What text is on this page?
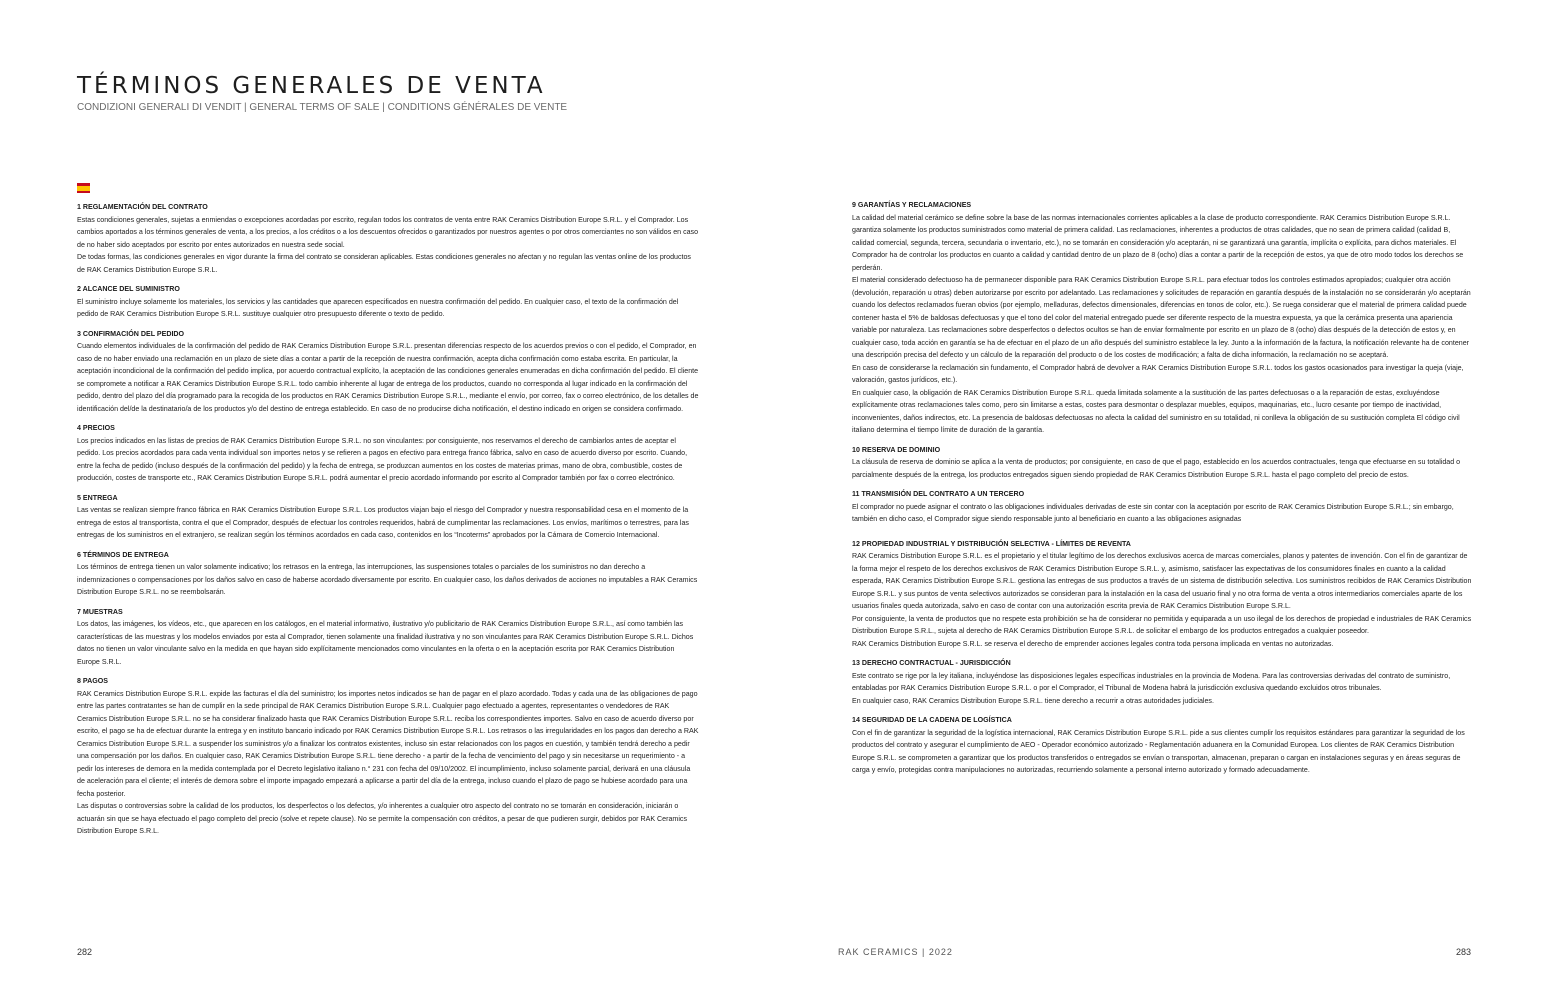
TÉRMINOS GENERALES DE VENTA
CONDIZIONI GENERALI DI VENDIT | GENERAL TERMS OF SALE | CONDITIONS GÉNÉRALES DE VENTE
1 REGLAMENTACIÓN DEL CONTRATO

Estas condiciones generales, sujetas a enmiendas o excepciones acordadas por escrito, regulan todos los contratos de venta entre RAK Ceramics Distribution Europe S.R.L. y el Comprador. Los cambios aportados a los términos generales de venta, a los precios, a los créditos o a los descuentos ofrecidos o garantizados por nuestros agentes o por otros comerciantes no son válidos en caso de no haber sido aceptados por escrito por entes autorizados en nuestra sede social.

De todas formas, las condiciones generales en vigor durante la firma del contrato se consideran aplicables. Estas condiciones generales no afectan y no regulan las ventas online de los productos de RAK Ceramics Distribution Europe S.R.L.

2 ALCANCE DEL SUMINISTRO

El suministro incluye solamente los materiales, los servicios y las cantidades que aparecen especificados en nuestra confirmación del pedido. En cualquier caso, el texto de la confirmación del pedido de RAK Ceramics Distribution Europe S.R.L. sustituye cualquier otro presupuesto diferente o texto de pedido.

3 CONFIRMACIÓN DEL PEDIDO

Cuando elementos individuales de la confirmación del pedido de RAK Ceramics Distribution Europe S.R.L. presentan diferencias respecto de los acuerdos previos o con el pedido, el Comprador, en caso de no haber enviado una reclamación en un plazo de siete días a contar a partir de la recepción de nuestra confirmación, acepta dicha confirmación como estaba escrita. En particular, la aceptación incondicional de la confirmación del pedido implica, por acuerdo contractual explícito, la aceptación de las condiciones generales enumeradas en dicha confirmación del pedido. El cliente se compromete a notificar a RAK Ceramics Distribution Europe S.R.L. todo cambio inherente al lugar de entrega de los productos, cuando no corresponda al lugar indicado en la confirmación del pedido, dentro del plazo del día programado para la recogida de los productos en RAK Ceramics Distribution Europe S.R.L., mediante el envío, por correo, fax o correo electrónico, de los detalles de identificación del/de la destinatario/a de los productos y/o del destino de entrega establecido. En caso de no producirse dicha notificación, el destino indicado en origen se considera confirmado.

4 PRECIOS

Los precios indicados en las listas de precios de RAK Ceramics Distribution Europe S.R.L. no son vinculantes: por consiguiente, nos reservamos el derecho de cambiarlos antes de aceptar el pedido. Los precios acordados para cada venta individual son importes netos y se refieren a pagos en efectivo para entrega franco fábrica, salvo en caso de acuerdo diverso por escrito. Cuando, entre la fecha de pedido (incluso después de la confirmación del pedido) y la fecha de entrega, se produzcan aumentos en los costes de materias primas, mano de obra, combustible, costes de producción, costes de transporte etc., RAK Ceramics Distribution Europe S.R.L. podrá aumentar el precio acordado informando por escrito al Comprador también por fax o correo electrónico.

5 ENTREGA

Las ventas se realizan siempre franco fábrica en RAK Ceramics Distribution Europe S.R.L. Los productos viajan bajo el riesgo del Comprador y nuestra responsabilidad cesa en el momento de la entrega de estos al transportista, contra el que el Comprador, después de efectuar los controles requeridos, habrá de cumplimentar las reclamaciones. Los envíos, marítimos o terrestres, para las entregas de los suministros en el extranjero, se realizan según los términos acordados en cada caso, contenidos en los “Incoterms” aprobados por la Cámara de Comercio Internacional.

6 TÉRMINOS DE ENTREGA

Los términos de entrega tienen un valor solamente indicativo; los retrasos en la entrega, las interrupciones, las suspensiones totales o parciales de los suministros no dan derecho a indemnizaciones o compensaciones por los daños salvo en caso de haberse acordado diversamente por escrito. En cualquier caso, los daños derivados de acciones no imputables a RAK Ceramics Distribution Europe S.R.L. no se reembolsarán.

7 MUESTRAS

Los datos, las imágenes, los vídeos, etc., que aparecen en los catálogos, en el material informativo, ilustrativo y/o publicitario de RAK Ceramics Distribution Europe S.R.L., así como también las características de las muestras y los modelos enviados por esta al Comprador, tienen solamente una finalidad ilustrativa y no son vinculantes para RAK Ceramics Distribution Europe S.R.L. Dichos datos no tienen un valor vinculante salvo en la medida en que hayan sido explícitamente mencionados como vinculantes en la oferta o en la aceptación escrita por RAK Ceramics Distribution Europe S.R.L.

8 PAGOS

RAK Ceramics Distribution Europe S.R.L. expide las facturas el día del suministro; los importes netos indicados se han de pagar en el plazo acordado. Todas y cada una de las obligaciones de pago entre las partes contratantes se han de cumplir en la sede principal de RAK Ceramics Distribution Europe S.R.L. Cualquier pago efectuado a agentes, representantes o vendedores de RAK Ceramics Distribution Europe S.R.L. no se ha considerar finalizado hasta que RAK Ceramics Distribution Europe S.R.L. reciba los correspondientes importes. Salvo en caso de acuerdo diverso por escrito, el pago se ha de efectuar durante la entrega y en instituto bancario indicado por RAK Ceramics Distribution Europe S.R.L. Los retrasos o las irregularidades en los pagos dan derecho a RAK Ceramics Distribution Europe S.R.L. a suspender los suministros y/o a finalizar los contratos existentes, incluso sin estar relacionados con los pagos en cuestión, y también tendrá derecho a pedir una compensación por los daños. En cualquier caso, RAK Ceramics Distribution Europe S.R.L. tiene derecho - a partir de la fecha de vencimiento del pago y sin necesitarse un requerimiento - a pedir los intereses de demora en la medida contemplada por el Decreto legislativo italiano n.° 231 con fecha del 09/10/2002. El incumplimiento, incluso solamente parcial, derivará en una cláusula de aceleración para el cliente; el interés de demora sobre el importe impagado empezará a aplicarse a partir del día de la entrega, incluso cuando el plazo de pago se hubiese acordado para una fecha posterior.

Las disputas o controversias sobre la calidad de los productos, los desperfectos o los defectos, y/o inherentes a cualquier otro aspecto del contrato no se tomarán en consideración, iniciarán o actuarán sin que se haya efectuado el pago completo del precio (solve et repete clause). No se permite la compensación con créditos, a pesar de que pudieren surgir, debidos por RAK Ceramics Distribution Europe S.R.L.

9 GARANTÍAS Y RECLAMACIONES

La calidad del material cerámico se define sobre la base de las normas internacionales corrientes aplicables a la clase de producto correspondiente. RAK Ceramics Distribution Europe S.R.L. garantiza solamente los productos suministrados como material de primera calidad. Las reclamaciones, inherentes a productos de otras calidades, que no sean de primera calidad (calidad B, calidad comercial, segunda, tercera, secundaria o inventario, etc.), no se tomarán en consideración y/o aceptarán, ni se garantizará una garantía, implícita o explícita, para dichos materiales. El Comprador ha de controlar los productos en cuanto a calidad y cantidad dentro de un plazo de 8 (ocho) días a contar a partir de la recepción de estos, ya que de otro modo todos los derechos se perderán.

El material considerado defectuoso ha de permanecer disponible para RAK Ceramics Distribution Europe S.R.L. para efectuar todos los controles estimados apropiados; cualquier otra acción (devolución, reparación u otras) deben autorizarse por escrito por adelantado. Las reclamaciones y solicitudes de reparación en garantía después de la instalación no se considerarán y/o aceptarán cuando los defectos reclamados fueran obvios (por ejemplo, melladuras, defectos dimensionales, diferencias en tonos de color, etc.). Se ruega considerar que el material de primera calidad puede contener hasta el 5% de baldosas defectuosas y que el tono del color del material entregado puede ser diferente respecto de la muestra expuesta, ya que la cerámica presenta una apariencia variable por naturaleza. Las reclamaciones sobre desperfectos o defectos ocultos se han de enviar formalmente por escrito en un plazo de 8 (ocho) días después de la detección de estos y, en cualquier caso, toda acción en garantía se ha de efectuar en el plazo de un año después del suministro establece la ley. Junto a la información de la factura, la notificación relevante ha de contener una descripción precisa del defecto y un cálculo de la reparación del producto o de los costes de modificación; a falta de dicha información, la reclamación no se aceptará.

En caso de considerarse la reclamación sin fundamento, el Comprador habrá de devolver a RAK Ceramics Distribution Europe S.R.L. todos los gastos ocasionados para investigar la queja (viaje, valoración, gastos jurídicos, etc.).

En cualquier caso, la obligación de RAK Ceramics Distribution Europe S.R.L. queda limitada solamente a la sustitución de las partes defectuosas o a la reparación de estas, excluyéndose explícitamente otras reclamaciones tales como, pero sin limitarse a estas, costes para desmontar o desplazar muebles, equipos, maquinarias, etc., lucro cesante por tiempo de inactividad, inconvenientes, daños indirectos, etc. La presencia de baldosas defectuosas no afecta la calidad del suministro en su totalidad, ni conlleva la obligación de su sustitución completa El código civil italiano determina el tiempo límite de duración de la garantía.

10 RESERVA DE DOMINIO

La cláusula de reserva de dominio se aplica a la venta de productos; por consiguiente, en caso de que el pago, establecido en los acuerdos contractuales, tenga que efectuarse en su totalidad o parcialmente después de la entrega, los productos entregados siguen siendo propiedad de RAK Ceramics Distribution Europe S.R.L. hasta el pago completo del precio de estos.

11 TRANSMISIÓN DEL CONTRATO A UN TERCERO

El comprador no puede asignar el contrato o las obligaciones individuales derivadas de este sin contar con la aceptación por escrito de RAK Ceramics Distribution Europe S.R.L.; sin embargo, también en dicho caso, el Comprador sigue siendo responsable junto al beneficiario en cuanto a las obligaciones asignadas

12 PROPIEDAD INDUSTRIAL Y DISTRIBUCIÓN SELECTIVA - LÍMITES DE REVENTA

RAK Ceramics Distribution Europe S.R.L. es el propietario y el titular legítimo de los derechos exclusivos acerca de marcas comerciales, planos y patentes de invención. Con el fin de garantizar de la forma mejor el respeto de los derechos exclusivos de RAK Ceramics Distribution Europe S.R.L. y, asimismo, satisfacer las expectativas de los consumidores finales en cuanto a la calidad esperada, RAK Ceramics Distribution Europe S.R.L. gestiona las entregas de sus productos a través de un sistema de distribución selectiva. Los suministros recibidos de RAK Ceramics Distribution Europe S.R.L. y sus puntos de venta selectivos autorizados se consideran para la instalación en la casa del usuario final y no otra forma de venta a otros intermediarios comerciales aparte de los usuarios finales queda autorizada, salvo en caso de contar con una autorización escrita previa de RAK Ceramics Distribution Europe S.R.L.

Por consiguiente, la venta de productos que no respete esta prohibición se ha de considerar no permitida y equiparada a un uso ilegal de los derechos de propiedad e industriales de RAK Ceramics Distribution Europe S.R.L., sujeta al derecho de RAK Ceramics Distribution Europe S.R.L. de solicitar el embargo de los productos entregados a cualquier poseedor.

RAK Ceramics Distribution Europe S.R.L. se reserva el derecho de emprender acciones legales contra toda persona implicada en ventas no autorizadas.

13 DERECHO CONTRACTUAL - JURISDICCIÓN

Este contrato se rige por la ley italiana, incluyéndose las disposiciones legales específicas industriales en la provincia de Modena. Para las controversias derivadas del contrato de suministro, entabladas por RAK Ceramics Distribution Europe S.R.L. o por el Comprador, el Tribunal de Modena habrá la jurisdicción exclusiva quedando excluidos otros tribunales.

En cualquier caso, RAK Ceramics Distribution Europe S.R.L. tiene derecho a recurrir a otras autoridades judiciales.

14 SEGURIDAD DE LA CADENA DE LOGÍSTICA

Con el fin de garantizar la seguridad de la logística internacional, RAK Ceramics Distribution Europe S.R.L. pide a sus clientes cumplir los requisitos estándares para garantizar la seguridad de los productos del contrato y asegurar el cumplimiento de AEO - Operador económico autorizado - Reglamentación aduanera en la Comunidad Europea. Los clientes de RAK Ceramics Distribution Europe S.R.L. se comprometen a garantizar que los productos transferidos o entregados se envían o transportan, almacenan, preparan o cargan en instalaciones seguras y en áreas seguras de carga y envío, protegidas contra manipulaciones no autorizadas, recurriendo solamente a personal interno autorizado y formado adecuadamente.

282	RAK CERAMICS | 2022	283
